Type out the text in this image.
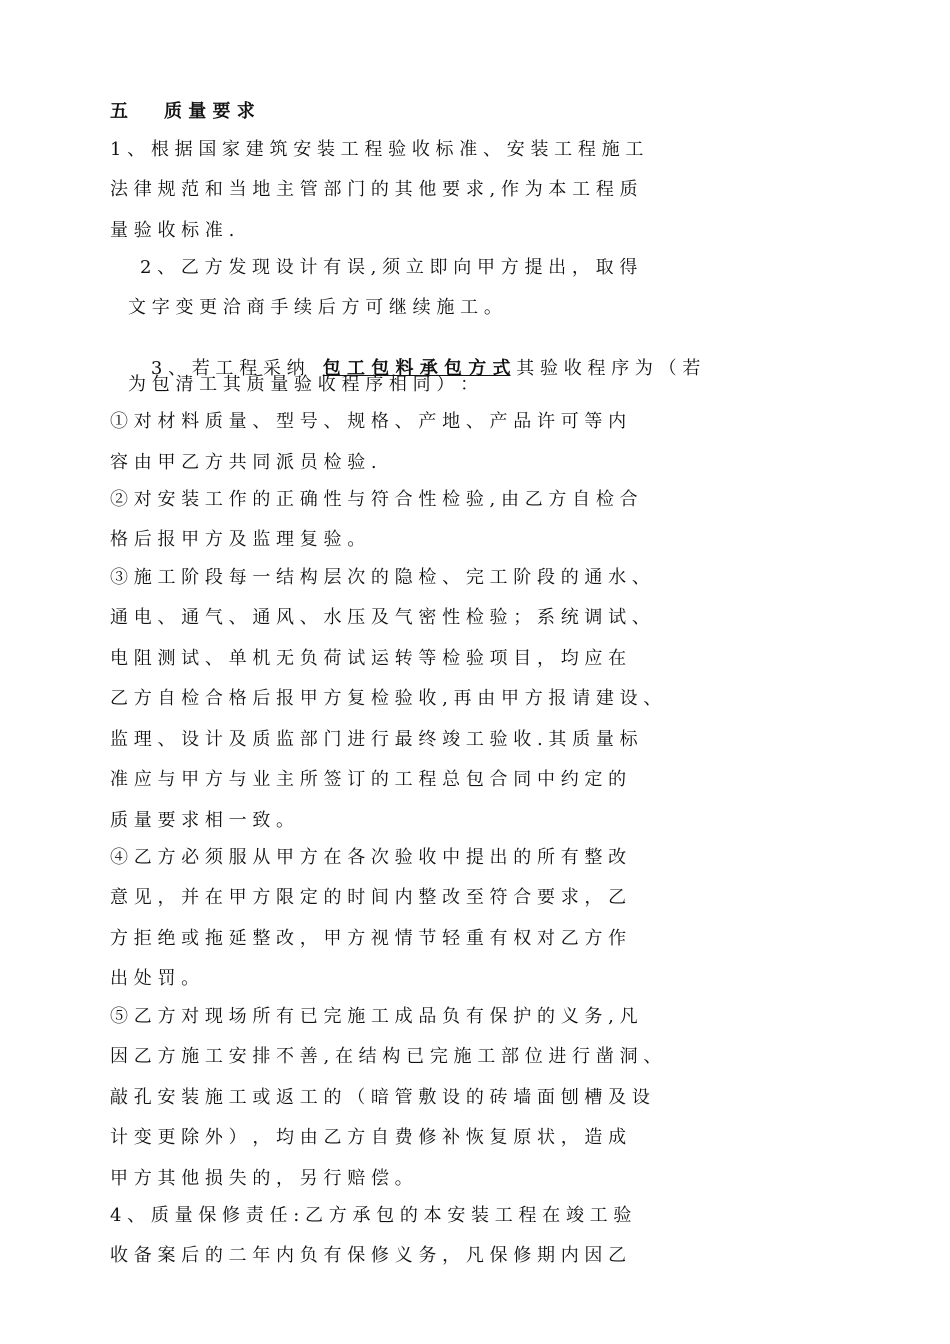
五　　质 量 要 求
1 、 根 据 国 家 建 筑 安 装 工 程 验 收 标 准 、 安 装 工 程 施 工
法 律 规 范 和 当 地 主 管 部 门 的 其 他 要 求 , 作 为 本 工 程 质
量 验 收 标 准 .
2 、 乙 方 发 现 设 计 有 误 , 须 立 即 向 甲 方 提 出 ， 取 得
文 字 变 更 洽 商 手 续 后 方 可 继 续 施 工 。

3 、 若 工 程 采 纳　 包 工 包 料 承 包 方 式 其 验 收 程 序 为 （ 若

为 包 清 工 其 质 量 验 收 程 序 相 同 ） ：
① 对 材 料 质 量 、 型 号 、 规 格 、 产 地 、 产 品 许 可 等 内
容 由 甲 乙 方 共 同 派 员 检 验 .
② 对 安 装 工 作 的 正 确 性 与 符 合 性 检 验 , 由 乙 方 自 检 合
格 后 报 甲 方 及 监 理 复 验 。
③ 施 工 阶 段 每 一 结 构 层 次 的 隐 检 、 完 工 阶 段 的 通 水 、
通 电 、 通 气 、 通 风 、 水 压 及 气 密 性 检 验 ； 系 统 调 试 、
电 阻 测 试 、 单 机 无 负 荷 试 运 转 等 检 验 项 目 ， 均 应 在
乙 方 自 检 合 格 后 报 甲 方 复 检 验 收 , 再 由 甲 方 报 请 建 设 、
监 理 、 设 计 及 质 监 部 门 进 行 最 终 竣 工 验 收 . 其 质 量 标
准 应 与 甲 方 与 业 主 所 签 订 的 工 程 总 包 合 同 中 约 定 的
质 量 要 求 相 一 致 。
④ 乙 方 必 须 服 从 甲 方 在 各 次 验 收 中 提 出 的 所 有 整 改
意 见 ， 并 在 甲 方 限 定 的 时 间 内 整 改 至 符 合 要 求 ， 乙
方 拒 绝 或 拖 延 整 改 ， 甲 方 视 情 节 轻 重 有 权 对 乙 方 作
出 处 罚 。
⑤ 乙 方 对 现 场 所 有 已 完 施 工 成 品 负 有 保 护 的 义 务 , 凡
因 乙 方 施 工 安 排 不 善 , 在 结 构 已 完 施 工 部 位 进 行 凿 洞 、
敲 孔 安 装 施 工 或 返 工 的 （ 暗 管 敷 设 的 砖 墙 面 刨 槽 及 设
计 变 更 除 外 ） ， 均 由 乙 方 自 费 修 补 恢 复 原 状 ， 造 成
甲 方 其 他 损 失 的 ， 另 行 赔 偿 。
4 、 质 量 保 修 责 任 : 乙 方 承 包 的 本 安 装 工 程 在 竣 工 验
收 备 案 后 的 二 年 内 负 有 保 修 义 务 ， 凡 保 修 期 内 因 乙
